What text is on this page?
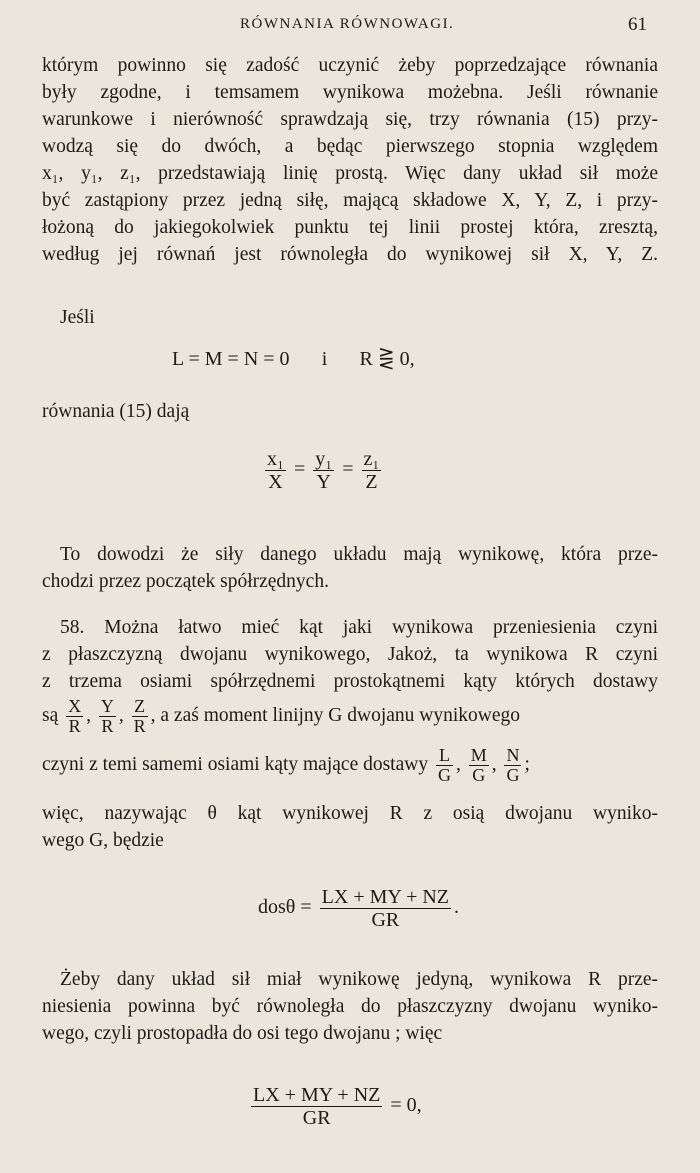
RÓWNANIA RÓWNOWAGI.	61
którym powinno się zadość uczynić żeby poprzedzające równania
były zgodne, i temsamem wynikowa możebna. Jeśli równanie
warunkowe i nierówność sprawdzają się, trzy równania (15) przy-
wodzą się do dwóch, a będąc pierwszego stopnia względem
x₁, y₁, z₁, przedstawiają linię prostą. Więc dany układ sił może
być zastąpiony przez jedną siłę, mającą składowe X, Y, Z, i przy-
łożoną do jakiegokolwiek punktu tej linii prostej która, zresztą,
według jej równań jest równoległa do wynikowej sił X, Y, Z.
Jeśli
L = M = N = 0 i R ⋛ 0,
równania (15) dają
$\frac{\text{x₁}}{X} = \frac{\text{y₁}}{Y} = \frac{\text{z₁}}{Z}$
To dowodzi że siły danego układu mają wynikowę, która prze-
chodzi przez początek spółrzędnych.
58. Można łatwo mieć kąt jaki wynikowa przeniesienia czyni
z płaszczyzną dwojanu wynikowego, Jakoż, ta wynikowa R czyni
z trzema osiami spółrzędnemi prostokątnemi kąty których dostawy
są $\frac{X}{R}$ , $\frac{Y}{R}$ , $\frac{Z}{R}$ , a zaś moment linijny G dwojanu wynikowego
czyni z temi samemi osiami kąty mające dostawy $\frac{L}{G}$ , $\frac{M}{G}$ , $\frac{N}{G}$ ;
więc, nazywając θ kąt wynikowej R z osią dwojanu wyniko-
wego G, będzie
$dos\theta = \frac{LX + MY + NZ}{GR}$ .
Żeby dany układ sił miał wynikowę jedyną, wynikowa R prze-
niesienia powinna być równoległa do płaszczyzny dwojanu wyniko-
wego, czyli prostopadła do osi tego dwojanu ; więc
$\frac{LX + MY + NZ}{GR} = 0$,
